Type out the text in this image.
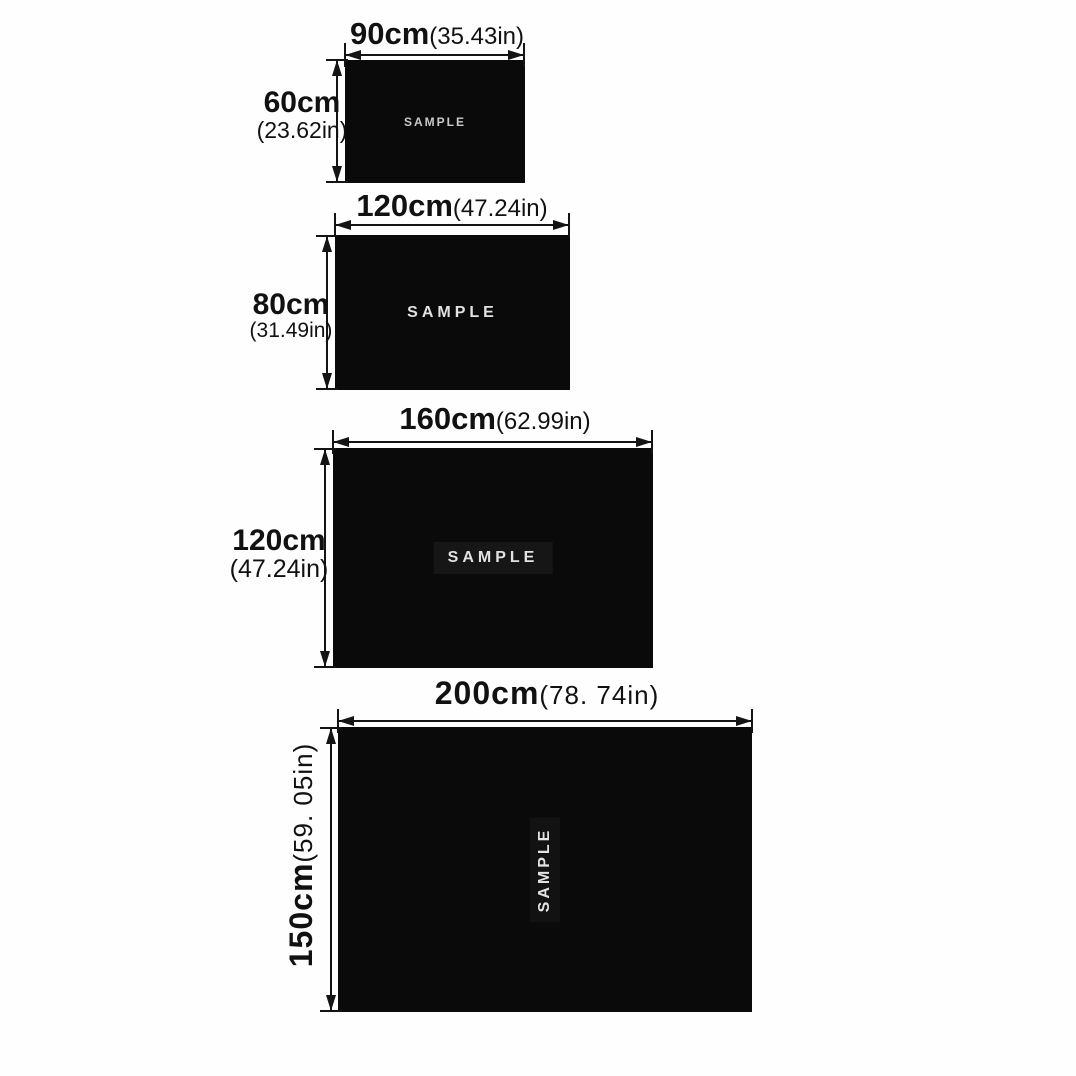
SAMPLE
90cm(35.43in)
60cm
(23.62in)
SAMPLE
120cm(47.24in)
80cm
(31.49in)
SAMPLE
160cm(62.99in)
120cm
(47.24in)
SAMPLE
200cm(78. 74in)
150cm(59. 05in)
